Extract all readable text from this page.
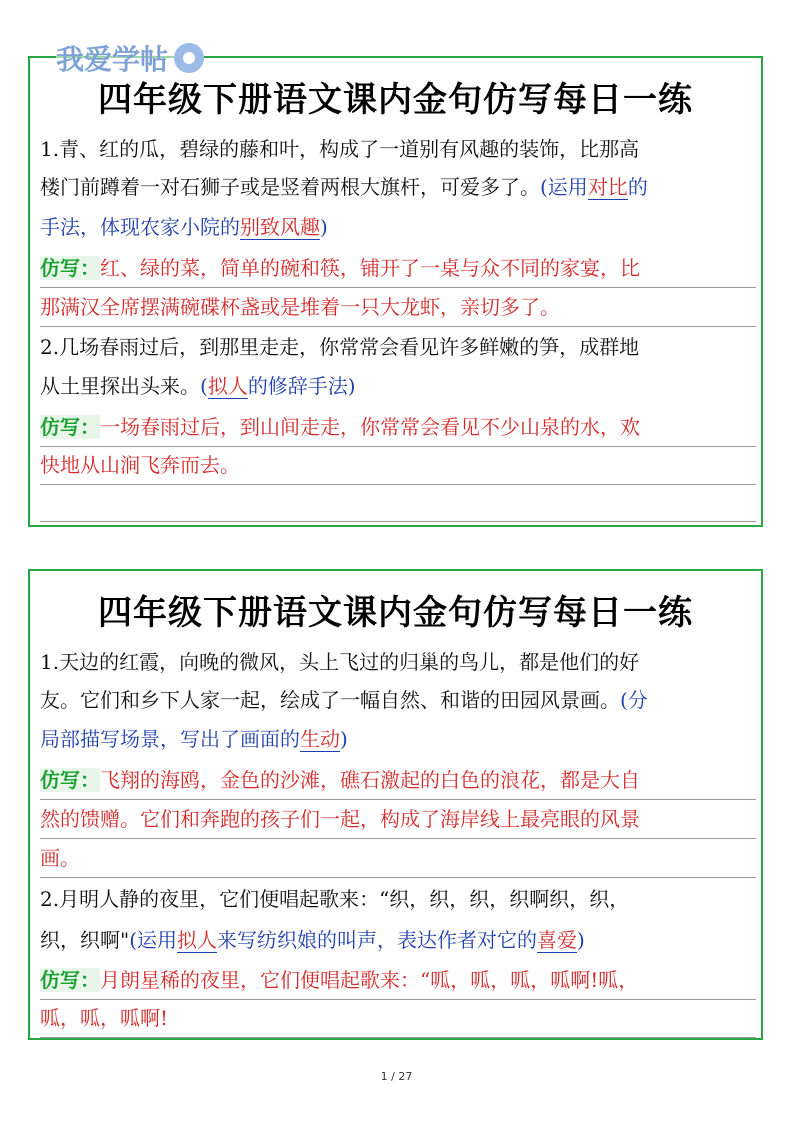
我爱学帖
四年级下册语文课内金句仿写每日一练
1.青、红的瓜，碧绿的藤和叶，构成了一道别有风趣的装饰，比那高
楼门前蹲着一对石狮子或是竖着两根大旗杆，可爱多了。(运用对比的
手法，体现农家小院的别致风趣)
仿写：红、绿的菜，简单的碗和筷，铺开了一桌与众不同的家宴，比
那满汉全席摆满碗碟杯盏或是堆着一只大龙虾，亲切多了。
2.几场春雨过后，到那里走走，你常常会看见许多鲜嫩的笋，成群地
从土里探出头来。(拟人的修辞手法)
仿写：一场春雨过后，到山间走走，你常常会看见不少山泉的水，欢
快地从山涧飞奔而去。
四年级下册语文课内金句仿写每日一练
1.天边的红霞，向晚的微风，头上飞过的归巢的鸟儿，都是他们的好
友。它们和乡下人家一起，绘成了一幅自然、和谐的田园风景画。(分
局部描写场景，写出了画面的生动)
仿写：飞翔的海鸥，金色的沙滩，礁石激起的白色的浪花，都是大自
然的馈赠。它们和奔跑的孩子们一起，构成了海岸线上最亮眼的风景
画。
2.月明人静的夜里，它们便唱起歌来：“织，织，织，织啊织，织，
织，织啊"(运用拟人来写纺织娘的叫声，表达作者对它的喜爱)
仿写：月朗星稀的夜里，它们便唱起歌来：“呱，呱，呱，呱啊!呱，
呱，呱，呱啊!
1 / 27
